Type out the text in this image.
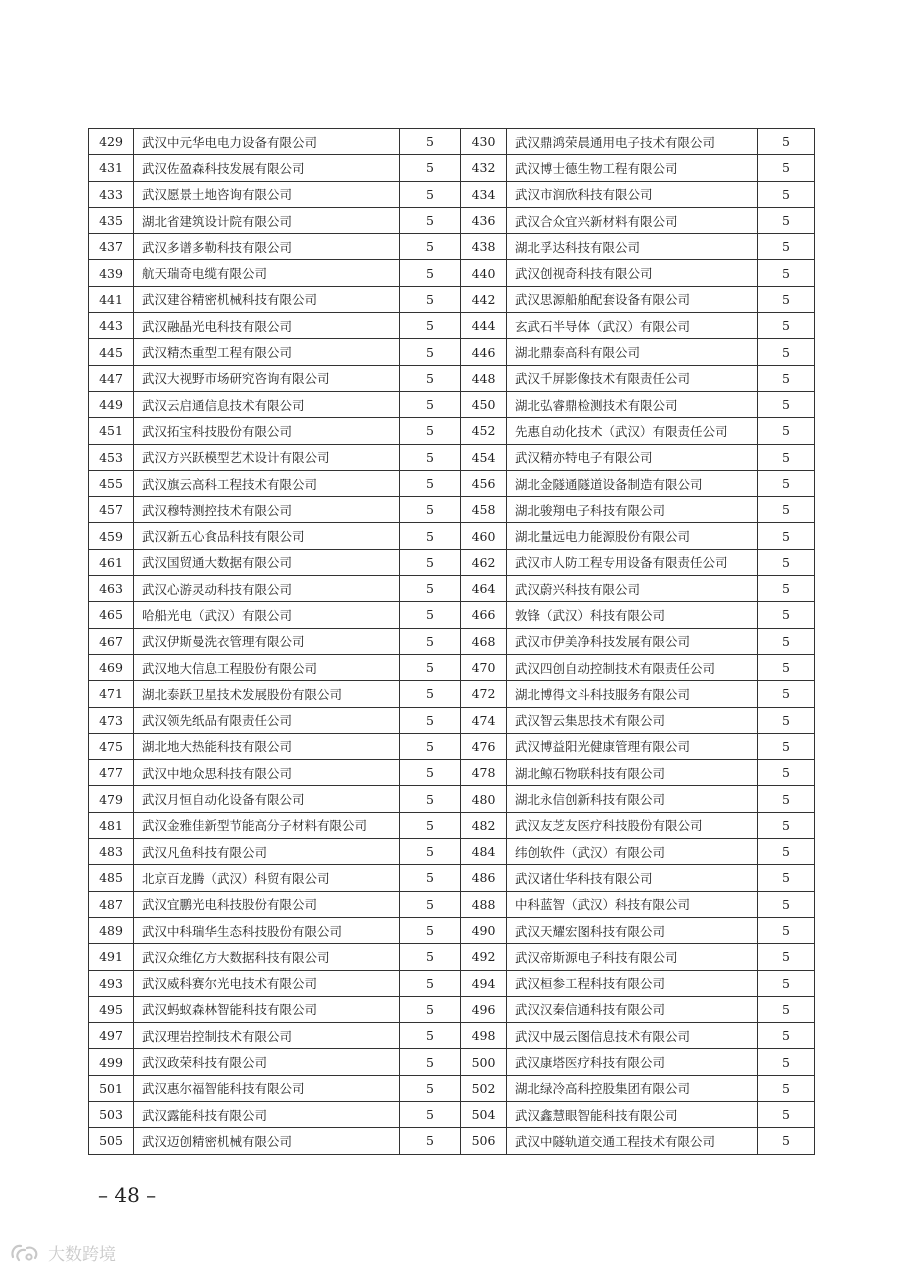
429	武汉中元华电电力设备有限公司	5	430	武汉鼎鸿荣晨通用电子技术有限公司	5
431	武汉佐盈森科技发展有限公司	5	432	武汉博士德生物工程有限公司	5
433	武汉愿景土地咨询有限公司	5	434	武汉市润欣科技有限公司	5
435	湖北省建筑设计院有限公司	5	436	武汉合众宜兴新材料有限公司	5
437	武汉多谱多勒科技有限公司	5	438	湖北孚达科技有限公司	5
439	航天瑞奇电缆有限公司	5	440	武汉创视奇科技有限公司	5
441	武汉建谷精密机械科技有限公司	5	442	武汉思源船舶配套设备有限公司	5
443	武汉融晶光电科技有限公司	5	444	玄武石半导体（武汉）有限公司	5
445	武汉精杰重型工程有限公司	5	446	湖北鼎泰高科有限公司	5
447	武汉大视野市场研究咨询有限公司	5	448	武汉千屏影像技术有限责任公司	5
449	武汉云启通信息技术有限公司	5	450	湖北弘睿鼎检测技术有限公司	5
451	武汉拓宝科技股份有限公司	5	452	先惠自动化技术（武汉）有限责任公司	5
453	武汉方兴跃模型艺术设计有限公司	5	454	武汉精亦特电子有限公司	5
455	武汉旗云高科工程技术有限公司	5	456	湖北金隧通隧道设备制造有限公司	5
457	武汉穆特测控技术有限公司	5	458	湖北骏翔电子科技有限公司	5
459	武汉新五心食品科技有限公司	5	460	湖北量远电力能源股份有限公司	5
461	武汉国贸通大数据有限公司	5	462	武汉市人防工程专用设备有限责任公司	5
463	武汉心游灵动科技有限公司	5	464	武汉蔚兴科技有限公司	5
465	哈船光电（武汉）有限公司	5	466	敦锋（武汉）科技有限公司	5
467	武汉伊斯曼洗衣管理有限公司	5	468	武汉市伊美净科技发展有限公司	5
469	武汉地大信息工程股份有限公司	5	470	武汉四创自动控制技术有限责任公司	5
471	湖北泰跃卫星技术发展股份有限公司	5	472	湖北博得文斗科技服务有限公司	5
473	武汉领先纸品有限责任公司	5	474	武汉智云集思技术有限公司	5
475	湖北地大热能科技有限公司	5	476	武汉博益阳光健康管理有限公司	5
477	武汉中地众思科技有限公司	5	478	湖北鲸石物联科技有限公司	5
479	武汉月恒自动化设备有限公司	5	480	湖北永信创新科技有限公司	5
481	武汉金雅佳新型节能高分子材料有限公司	5	482	武汉友芝友医疗科技股份有限公司	5
483	武汉凡鱼科技有限公司	5	484	纬创软件（武汉）有限公司	5
485	北京百龙腾（武汉）科贸有限公司	5	486	武汉诸仕华科技有限公司	5
487	武汉宜鹏光电科技股份有限公司	5	488	中科蓝智（武汉）科技有限公司	5
489	武汉中科瑞华生态科技股份有限公司	5	490	武汉天耀宏图科技有限公司	5
491	武汉众维亿方大数据科技有限公司	5	492	武汉帝斯源电子科技有限公司	5
493	武汉威科赛尔光电技术有限公司	5	494	武汉桓参工程科技有限公司	5
495	武汉蚂蚁森林智能科技有限公司	5	496	武汉汉秦信通科技有限公司	5
497	武汉理岩控制技术有限公司	5	498	武汉中晟云图信息技术有限公司	5
499	武汉政荣科技有限公司	5	500	武汉康塔医疗科技有限公司	5
501	武汉惠尔福智能科技有限公司	5	502	湖北绿冷高科控股集团有限公司	5
503	武汉露能科技有限公司	5	504	武汉鑫慧眼智能科技有限公司	5
505	武汉迈创精密机械有限公司	5	506	武汉中隧轨道交通工程技术有限公司	5
– 48 –
大数跨境
